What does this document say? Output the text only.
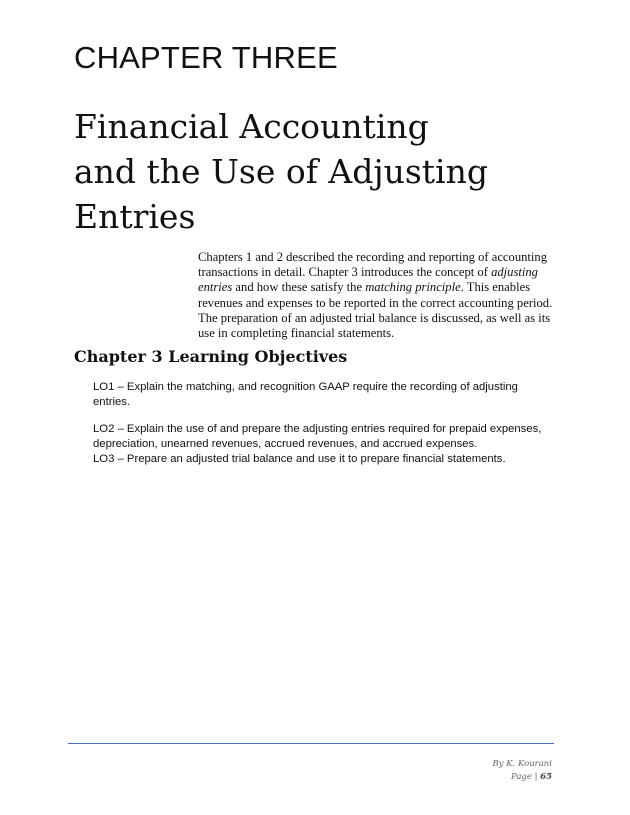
CHAPTER THREE
Financial Accounting
and the Use of Adjusting
Entries

Chapters 1 and 2 described the recording and reporting of accounting transactions in detail. Chapter 3 introduces the concept of adjusting entries and how these satisfy the matching principle. This enables revenues and expenses to be reported in the correct accounting period. The preparation of an adjusted trial balance is discussed, as well as its use in completing financial statements.

Chapter 3 Learning Objectives

LO1 – Explain the matching, and recognition GAAP require the recording of adjusting entries.

LO2 – Explain the use of and prepare the adjusting entries required for prepaid expenses, depreciation, unearned revenues, accrued revenues, and accrued expenses.

LO3 – Prepare an adjusted trial balance and use it to prepare financial statements.

By K. Kourani
Page | 65
